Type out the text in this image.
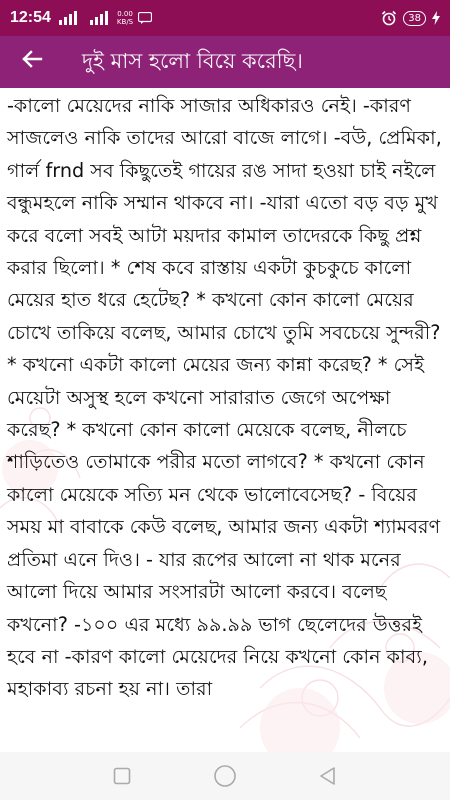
12:54	0.00
KB/S	38
দুই মাস হলো বিয়ে করেছি।

-কালো মেয়েদের নাকি সাজার অধিকারও নেই। -কারণ সাজলেও নাকি তাদের আরো বাজে লাগে। -বউ, প্রেমিকা, গার্ল frnd সব কিছুতেই গায়ের রঙ সাদা হওয়া চাই নইলে বন্ধুমহলে নাকি সম্মান থাকবে না। -যারা এতো বড় বড় মুখ করে বলো সবই আটা ময়দার কামাল তাদেরকে কিছু প্রশ্ন করার ছিলো। * শেষ কবে রাস্তায় একটা কুচকুচে কালো মেয়ের হাত ধরে হেটেছ? * কখনো কোন কালো মেয়ের চোখে তাকিয়ে বলেছ, আমার চোখে তুমি সবচেয়ে সুন্দরী? * কখনো একটা কালো মেয়ের জন্য কান্না করেছ? * সেই মেয়েটা অসুস্থ হলে কখনো সারারাত জেগে অপেক্ষা করেছ? * কখনো কোন কালো মেয়েকে বলেছ, নীলচে শাড়িতেও তোমাকে পরীর মতো লাগবে? * কখনো কোন কালো মেয়েকে সত্যি মন থেকে ভালোবেসেছ? - বিয়ের সময় মা বাবাকে কেউ বলেছ, আমার জন্য একটা শ্যামবরণ প্রতিমা এনে দিও। - যার রূপের আলো না থাক মনের আলো দিয়ে আমার সংসারটা আলো করবে। বলেছ কখনো? -১০০ এর মধ্যে ৯৯.৯৯ ভাগ ছেলেদের উত্তরই হবে না -কারণ কালো মেয়েদের নিয়ে কখনো কোন কাব্য, মহাকাব্য রচনা হয় না। তারা
